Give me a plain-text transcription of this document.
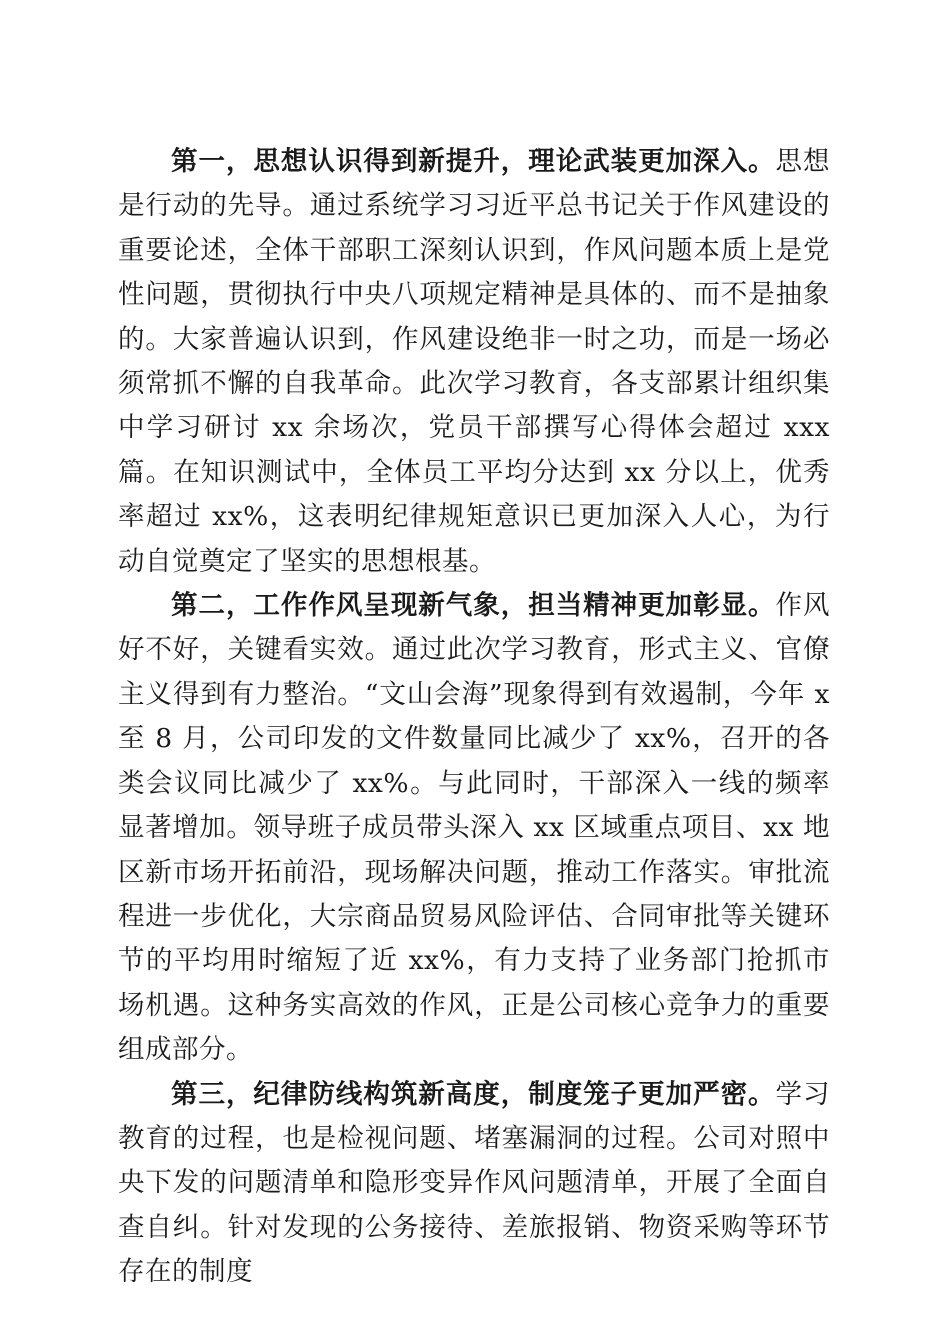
第一，思想认识得到新提升，理论武装更加深入。思想是行动的先导。通过系统学习习近平总书记关于作风建设的重要论述，全体干部职工深刻认识到，作风问题本质上是党性问题，贯彻执行中央八项规定精神是具体的、而不是抽象的。大家普遍认识到，作风建设绝非一时之功，而是一场必须常抓不懈的自我革命。此次学习教育，各支部累计组织集中学习研讨 xx 余场次，党员干部撰写心得体会超过 xxx 篇。在知识测试中，全体员工平均分达到 xx 分以上，优秀率超过 xx%，这表明纪律规矩意识已更加深入人心，为行动自觉奠定了坚实的思想根基。

第二，工作作风呈现新气象，担当精神更加彰显。作风好不好，关键看实效。通过此次学习教育，形式主义、官僚主义得到有力整治。“文山会海”现象得到有效遏制，今年 x 至 8 月，公司印发的文件数量同比减少了 xx%，召开的各类会议同比减少了 xx%。与此同时，干部深入一线的频率显著增加。领导班子成员带头深入 xx 区域重点项目、xx 地区新市场开拓前沿，现场解决问题，推动工作落实。审批流程进一步优化，大宗商品贸易风险评估、合同审批等关键环节的平均用时缩短了近 xx%，有力支持了业务部门抢抓市场机遇。这种务实高效的作风，正是公司核心竞争力的重要组成部分。

第三，纪律防线构筑新高度，制度笼子更加严密。学习教育的过程，也是检视问题、堵塞漏洞的过程。公司对照中央下发的问题清单和隐形变异作风问题清单，开展了全面自查自纠。针对发现的公务接待、差旅报销、物资采购等环节存在的制度
